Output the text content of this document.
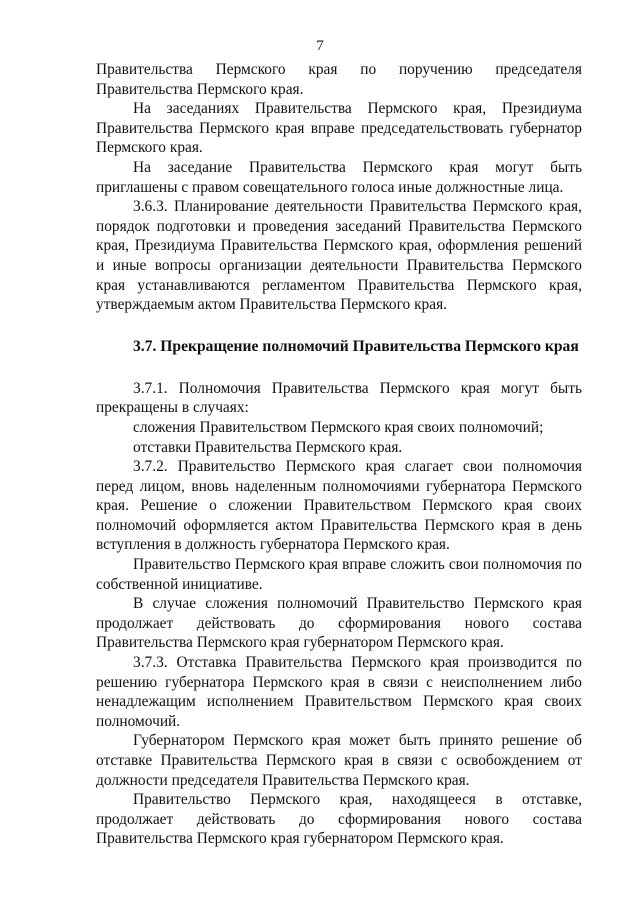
7

Правительства Пермского края по поручению председателя Правительства Пермского края.

На заседаниях Правительства Пермского края, Президиума Правительства Пермского края вправе председательствовать губернатор Пермского края.

На заседание Правительства Пермского края могут быть приглашены с правом совещательного голоса иные должностные лица.

3.6.3. Планирование деятельности Правительства Пермского края, порядок подготовки и проведения заседаний Правительства Пермского края, Президиума Правительства Пермского края, оформления решений и иные вопросы организации деятельности Правительства Пермского края устанавливаются регламентом Правительства Пермского края, утверждаемым актом Правительства Пермского края.

3.7. Прекращение полномочий Правительства Пермского края

3.7.1. Полномочия Правительства Пермского края могут быть прекращены в случаях:

сложения Правительством Пермского края своих полномочий;

отставки Правительства Пермского края.

3.7.2. Правительство Пермского края слагает свои полномочия перед лицом, вновь наделенным полномочиями губернатора Пермского края. Решение о сложении Правительством Пермского края своих полномочий оформляется актом Правительства Пермского края в день вступления в должность губернатора Пермского края.

Правительство Пермского края вправе сложить свои полномочия по собственной инициативе.

В случае сложения полномочий Правительство Пермского края продолжает действовать до сформирования нового состава Правительства Пермского края губернатором Пермского края.

3.7.3. Отставка Правительства Пермского края производится по решению губернатора Пермского края в связи с неисполнением либо ненадлежащим исполнением Правительством Пермского края своих полномочий.

Губернатором Пермского края может быть принято решение об отставке Правительства Пермского края в связи с освобождением от должности председателя Правительства Пермского края.

Правительство Пермского края, находящееся в отставке, продолжает действовать до сформирования нового состава Правительства Пермского края губернатором Пермского края.
